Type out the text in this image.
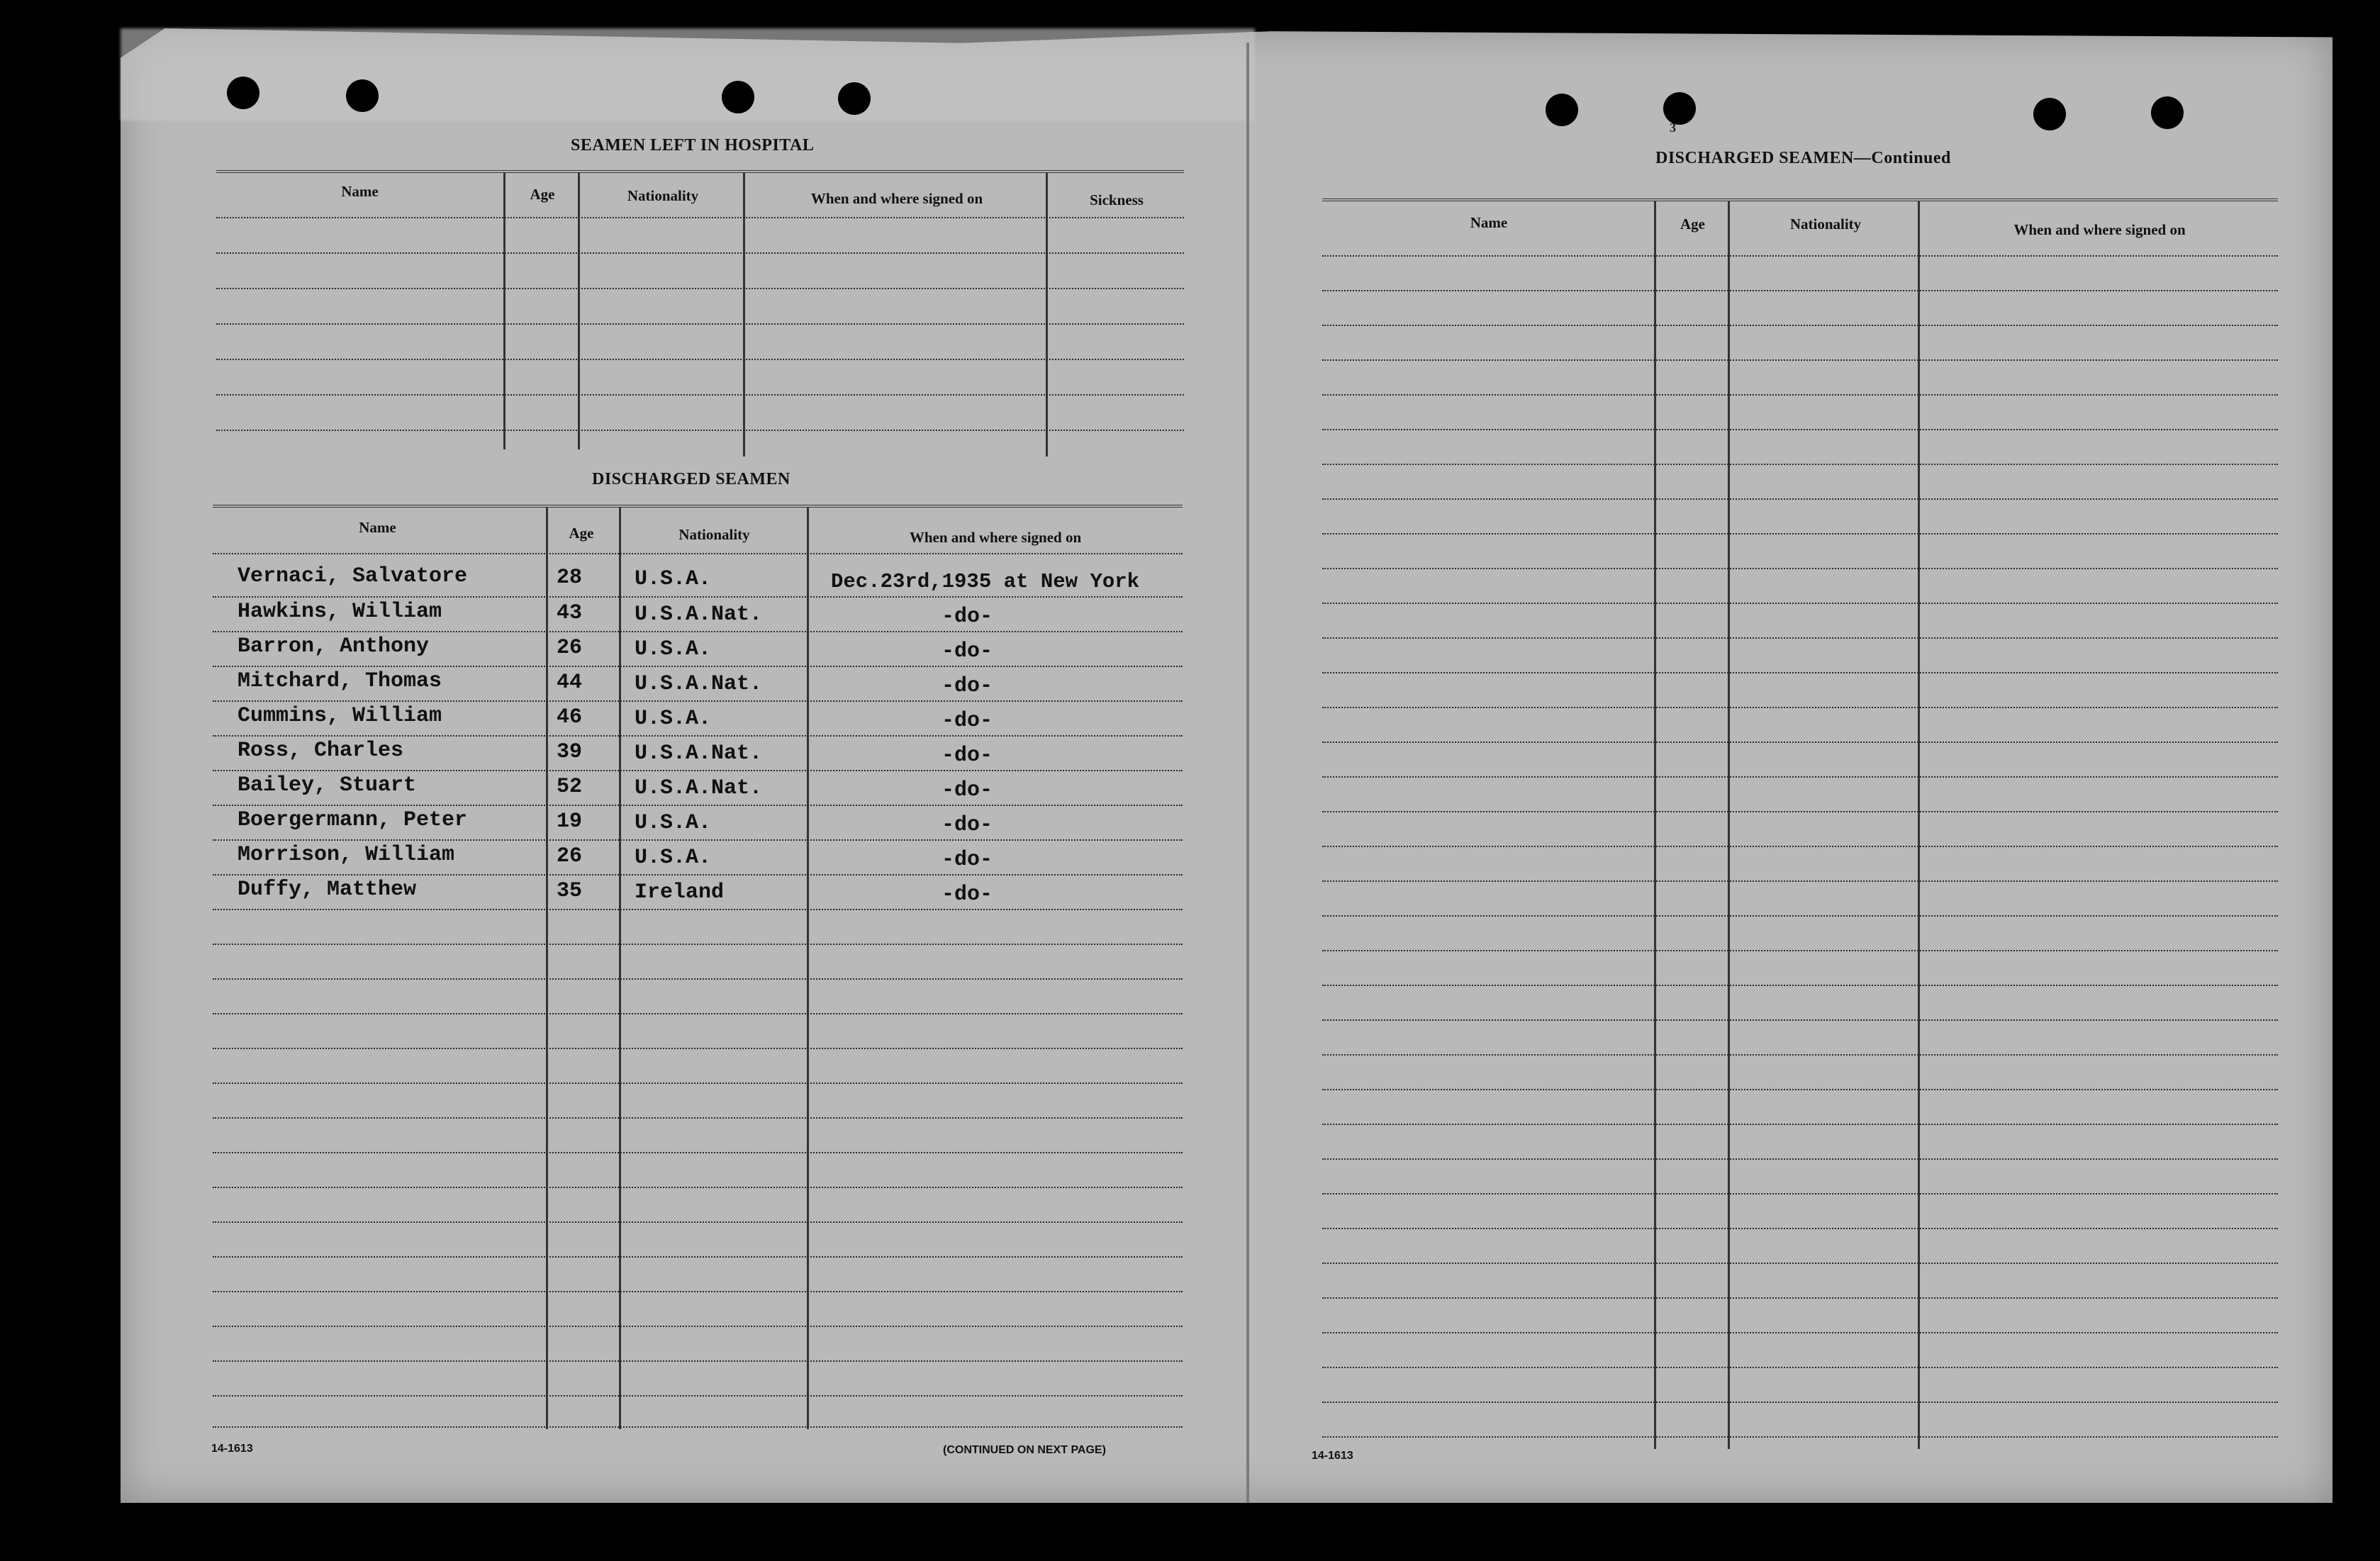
SEAMEN LEFT IN HOSPITAL
Name	Age	Nationality	When and where signed on	Sickness
DISCHARGED SEAMEN
Name	Age	Nationality	When and where signed on
Vernaci, Salvatore	28 U.S.A.	Dec.23rd,1935 at New York
Hawkins, William	43 U.S.A.Nat.	-do-
Barron, Anthony	26 U.S.A.	-do-
Mitchard, Thomas	44 U.S.A.Nat.	-do-
Cummins, William	46 U.S.A.	-do-
Ross, Charles	39 U.S.A.Nat.	-do-
Bailey, Stuart	52 U.S.A.Nat.	-do-
Boergermann, Peter	19 U.S.A.	-do-
Morrison, William	26 U.S.A.	-do-
Duffy, Matthew	35 Ireland	-do-
14-1613	(CONTINUED ON NEXT PAGE)
3
DISCHARGED SEAMEN—Continued
Name	Age	Nationality	When and where signed on
14-1613
